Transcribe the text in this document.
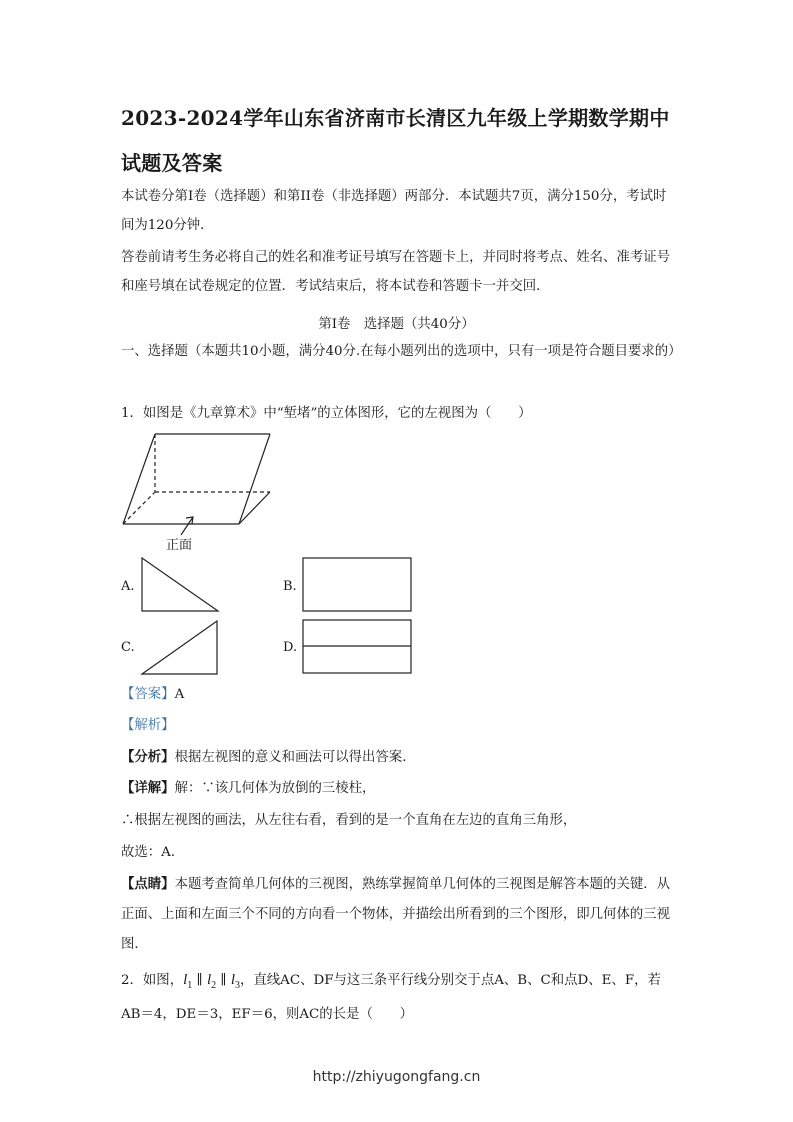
2023-2024学年山东省济南市长清区九年级上学期数学期中试题及答案
本试卷分第I卷（选择题）和第II卷（非选择题）两部分．本试题共7页，满分150分，考试时间为120分钟．
答卷前请考生务必将自己的姓名和准考证号填写在答题卡上，并同时将考点、姓名、准考证号和座号填在试卷规定的位置．考试结束后，将本试卷和答题卡一并交回．
第I卷　选择题（共40分）
一、选择题（本题共10小题，满分40分.在每小题列出的选项中，只有一项是符合题目要求的）
1．如图是《九章算术》中“堑堵”的立体图形，它的左视图为（　　）
正面
A.	B.
C.	D.
【答案】A
【解析】
【分析】根据左视图的意义和画法可以得出答案．
【详解】解：∵该几何体为放倒的三棱柱，
∴根据左视图的画法，从左往右看，看到的是一个直角在左边的直角三角形，
故选：A．
【点睛】本题考查简单几何体的三视图，熟练掌握简单几何体的三视图是解答本题的关键．从正面、上面和左面三个不同的方向看一个物体，并描绘出所看到的三个图形，即几何体的三视图．
2．如图，$l_1$ ∥ $l_2$ ∥ $l_3$，直线AC、DF与这三条平行线分别交于点A、B、C和点D、E、F，若
AB＝4，DE＝3，EF＝6，则AC的长是（　　）
http://zhiyugongfang.cn
